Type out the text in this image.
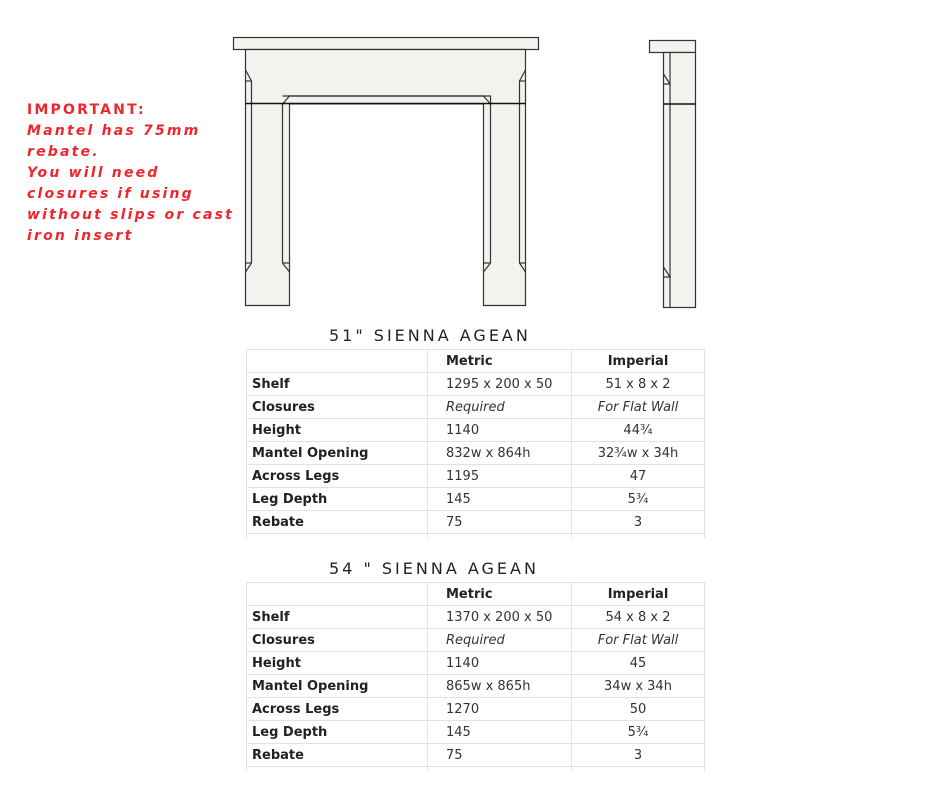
IMPORTANT:
Mantel has 75mm
rebate.
You will need
closures if using
without slips or cast
iron insert
51" SIENNA AGEAN
	Metric	Imperial
Shelf	1295 x 200 x 50	51 x 8 x 2
Closures	Required	For Flat Wall
Height	1140	44¾
Mantel Opening	832w x 864h	32¾w x 34h
Across Legs	1195	47
Leg Depth	145	5¾
Rebate	75	3

54 " SIENNA AGEAN
	Metric	Imperial
Shelf	1370 x 200 x 50	54 x 8 x 2
Closures	Required	For Flat Wall
Height	1140	45
Mantel Opening	865w x 865h	34w x 34h
Across Legs	1270	50
Leg Depth	145	5¾
Rebate	75	3
